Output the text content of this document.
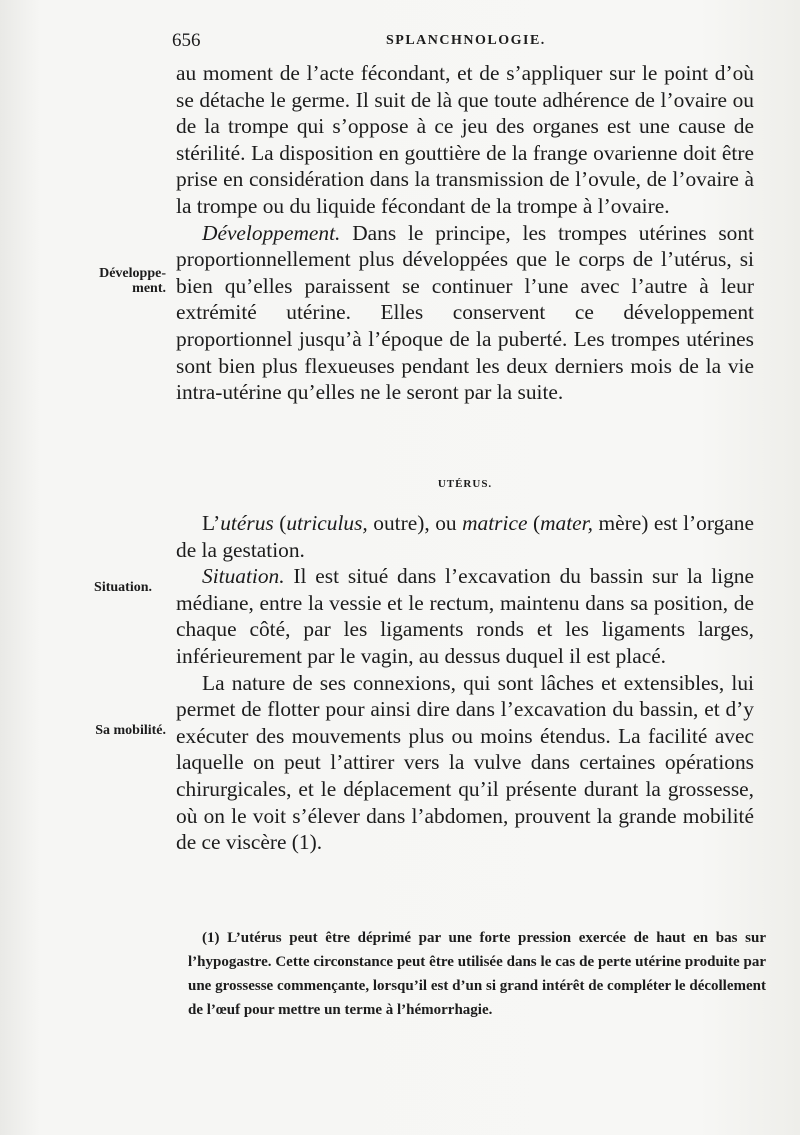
656	SPLANCHNOLOGIE.
Développe-
ment.
Situation.
Sa mobilité.

au moment de l’acte fécondant, et de s’appliquer sur le point d’où se détache le germe. Il suit de là que toute adhérence de l’ovaire ou de la trompe qui s’oppose à ce jeu des organes est une cause de stérilité. La disposition en gouttière de la frange ovarienne doit être prise en considération dans la transmission de l’ovule, de l’ovaire à la trompe ou du liquide fécondant de la trompe à l’ovaire.

Développement. Dans le principe, les trompes utérines sont proportionnellement plus développées que le corps de l’utérus, si bien qu’elles paraissent se continuer l’une avec l’autre à leur extrémité utérine. Elles conservent ce développement proportionnel jusqu’à l’époque de la puberté. Les trompes utérines sont bien plus flexueuses pendant les deux derniers mois de la vie intra-utérine qu’elles ne le seront par la suite.

UTÉRUS.

L’utérus (utriculus, outre), ou matrice (mater, mère) est l’organe de la gestation.

Situation. Il est situé dans l’excavation du bassin sur la ligne médiane, entre la vessie et le rectum, maintenu dans sa position, de chaque côté, par les ligaments ronds et les ligaments larges, inférieurement par le vagin, au dessus duquel il est placé.

La nature de ses connexions, qui sont lâches et extensibles, lui permet de flotter pour ainsi dire dans l’excavation du bassin, et d’y exécuter des mouvements plus ou moins étendus. La facilité avec laquelle on peut l’attirer vers la vulve dans certaines opérations chirurgicales, et le déplacement qu’il présente durant la grossesse, où on le voit s’élever dans l’abdomen, prouvent la grande mobilité de ce viscère (1).

(1) L’utérus peut être déprimé par une forte pression exercée de haut en bas sur l’hypogastre. Cette circonstance peut être utilisée dans le cas de perte utérine produite par une grossesse commençante, lorsqu’il est d’un si grand intérêt de compléter le décollement de l’œuf pour mettre un terme à l’hémorrhagie.
